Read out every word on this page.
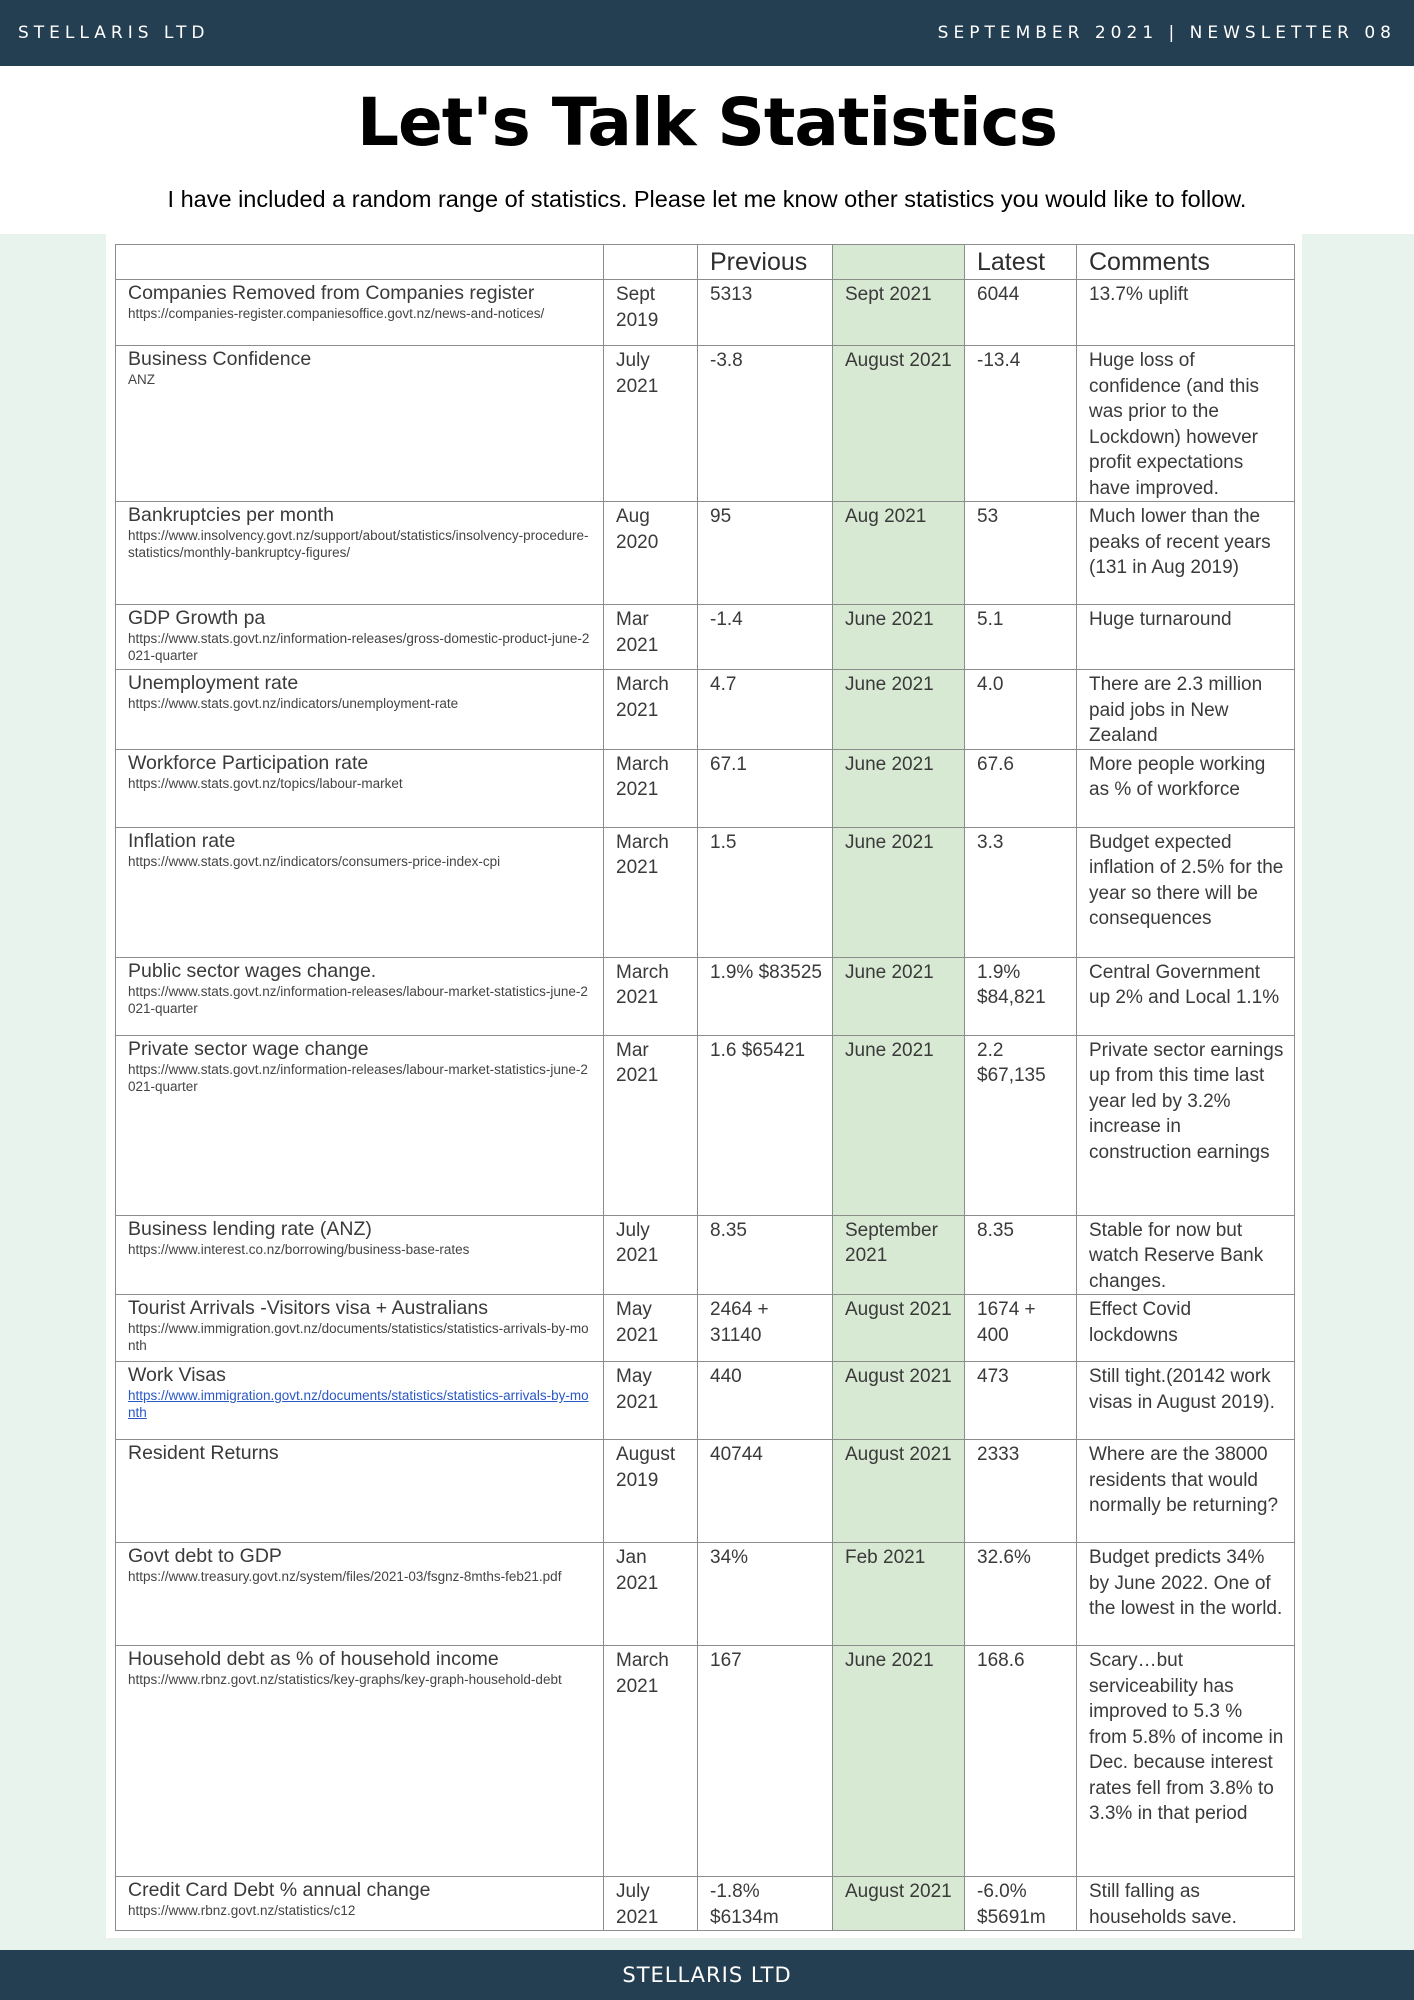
STELLARIS LTD	SEPTEMBER 2021 | NEWSLETTER 08
Let's Talk Statistics
I have included a random range of statistics. Please let me know other statistics you would like to follow.
		Previous		Latest	Comments

Companies Removed from Companies register
https://companies-register.companiesoffice.govt.nz/news-and-notices/	Sept 2019	5313	Sept 2021	6044	13.7% uplift

Business Confidence
ANZ	July 2021	-3.8	August 2021	-13.4	Huge loss of confidence (and this was prior to the Lockdown) however profit expectations have improved.

Bankruptcies per month
https://www.insolvency.govt.nz/support/about/statistics/insolvency-procedure-statistics/monthly-bankruptcy-figures/	Aug 2020	95	Aug 2021	53	Much lower than the peaks of recent years (131 in Aug 2019)

GDP Growth pa
https://www.stats.govt.nz/information-releases/gross-domestic-product-june-2021-quarter	Mar 2021	-1.4	June 2021	5.1	Huge turnaround

Unemployment rate
https://www.stats.govt.nz/indicators/unemployment-rate	March 2021	4.7	June 2021	4.0	There are 2.3 million paid jobs in New Zealand

Workforce Participation rate
https://www.stats.govt.nz/topics/labour-market	March 2021	67.1	June 2021	67.6	More people working as % of workforce

Inflation rate
https://www.stats.govt.nz/indicators/consumers-price-index-cpi	March 2021	1.5	June 2021	3.3	Budget expected inflation of 2.5% for the year so there will be consequences

Public sector wages change.
https://www.stats.govt.nz/information-releases/labour-market-statistics-june-2021-quarter	March 2021	1.9% $83525	June 2021	1.9% $84,821	Central Government up 2% and Local 1.1%

Private sector wage change
https://www.stats.govt.nz/information-releases/labour-market-statistics-june-2021-quarter	Mar 2021	1.6 $65421	June 2021	2.2 $67,135	Private sector earnings up from this time last year led by 3.2% increase in construction earnings

Business lending rate (ANZ)
https://www.interest.co.nz/borrowing/business-base-rates	July 2021	8.35	September 2021	8.35	Stable for now but watch Reserve Bank changes.

Tourist Arrivals -Visitors visa + Australians
https://www.immigration.govt.nz/documents/statistics/statistics-arrivals-by-month	May 2021	2464 + 31140	August 2021	1674 + 400	Effect Covid lockdowns

Work Visas
https://www.immigration.govt.nz/documents/statistics/statistics-arrivals-by-month	May 2021	440	August 2021	473	Still tight.(20142 work visas in August 2019).

Resident Returns	August 2019	40744	August 2021	2333	Where are the 38000 residents that would normally be returning?

Govt debt to GDP
https://www.treasury.govt.nz/system/files/2021-03/fsgnz-8mths-feb21.pdf	Jan 2021	34%	Feb 2021	32.6%	Budget predicts 34% by June 2022. One of the lowest in the world.

Household debt as % of household income
https://www.rbnz.govt.nz/statistics/key-graphs/key-graph-household-debt	March 2021	167	June 2021	168.6	Scary…but serviceability has improved to 5.3 % from 5.8% of income in Dec. because interest rates fell from 3.8% to 3.3% in that period

Credit Card Debt % annual change
https://www.rbnz.govt.nz/statistics/c12	July 2021	-1.8% $6134m	August 2021	-6.0% $5691m	Still falling as households save.
STELLARIS LTD
